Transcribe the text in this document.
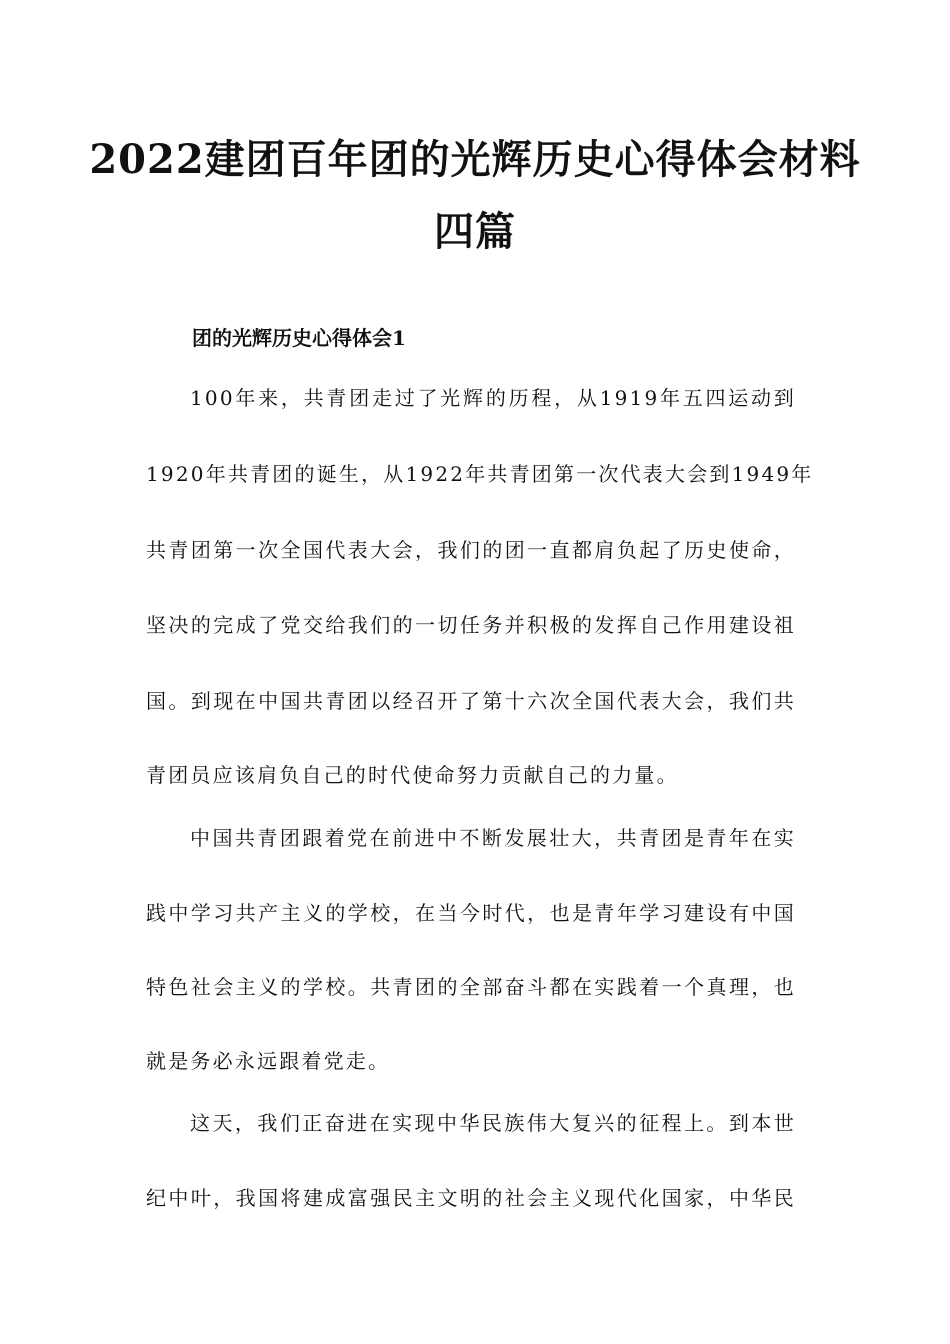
2022建团百年团的光辉历史心得体会材料
四篇
团的光辉历史心得体会1
100年来，共青团走过了光辉的历程，从1919年五四运动到
1920年共青团的诞生，从1922年共青团第一次代表大会到1949年
共青团第一次全国代表大会，我们的团一直都肩负起了历史使命，
坚决的完成了党交给我们的一切任务并积极的发挥自己作用建设祖
国。到现在中国共青团以经召开了第十六次全国代表大会，我们共
青团员应该肩负自己的时代使命努力贡献自己的力量。
中国共青团跟着党在前进中不断发展壮大，共青团是青年在实
践中学习共产主义的学校，在当今时代，也是青年学习建设有中国
特色社会主义的学校。共青团的全部奋斗都在实践着一个真理，也
就是务必永远跟着党走。
这天，我们正奋进在实现中华民族伟大复兴的征程上。到本世
纪中叶，我国将建成富强民主文明的社会主义现代化国家，中华民
